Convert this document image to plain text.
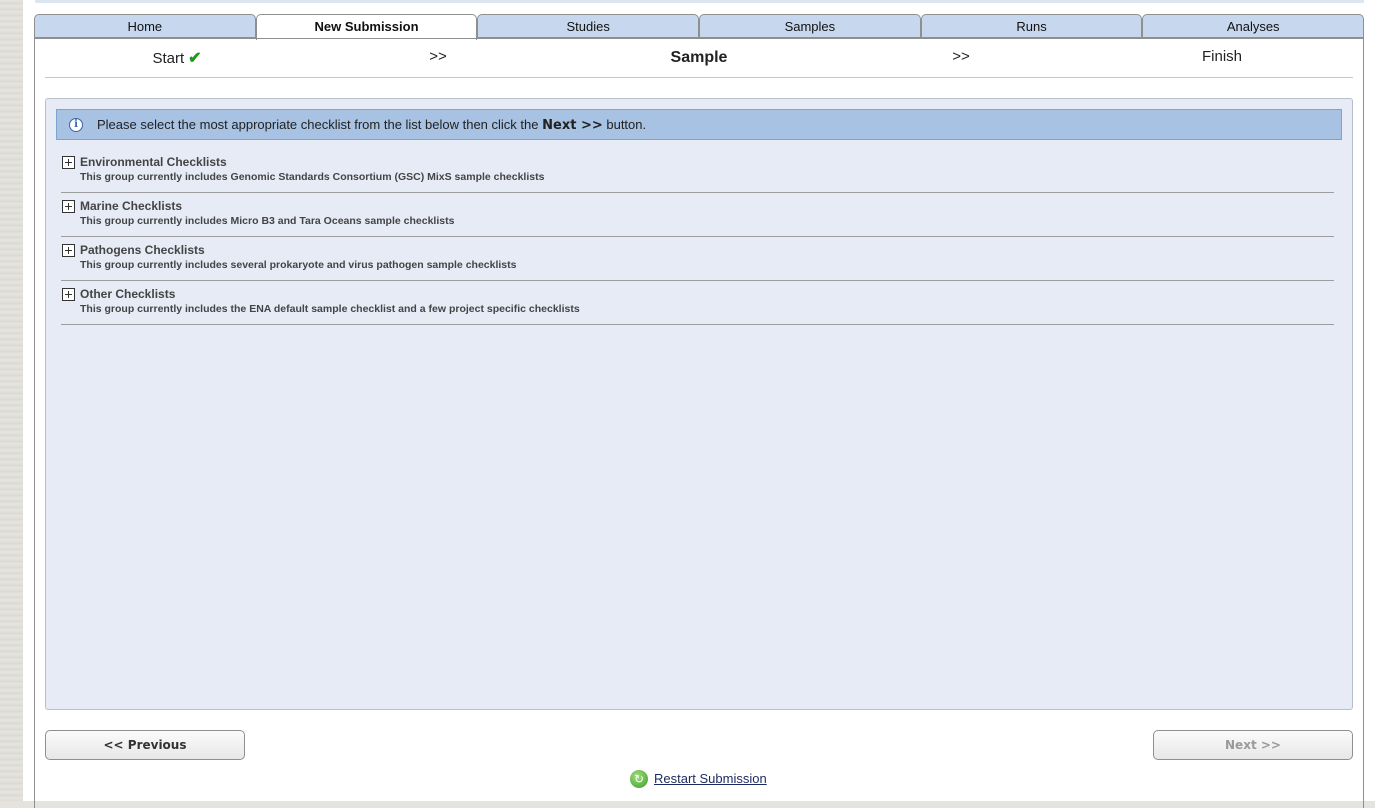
Home	New Submission	Studies	Samples	Runs	Analyses
Start ✔	>>	Sample	>>	Finish
i	Please select the most appropriate checklist from the list below then click the Next >> button.
Environmental Checklists
This group currently includes Genomic Standards Consortium (GSC) MixS sample checklists
Marine Checklists
This group currently includes Micro B3 and Tara Oceans sample checklists
Pathogens Checklists
This group currently includes several prokaryote and virus pathogen sample checklists
Other Checklists
This group currently includes the ENA default sample checklist and a few project specific checklists
<< Previous	Next >>
↻ Restart Submission
